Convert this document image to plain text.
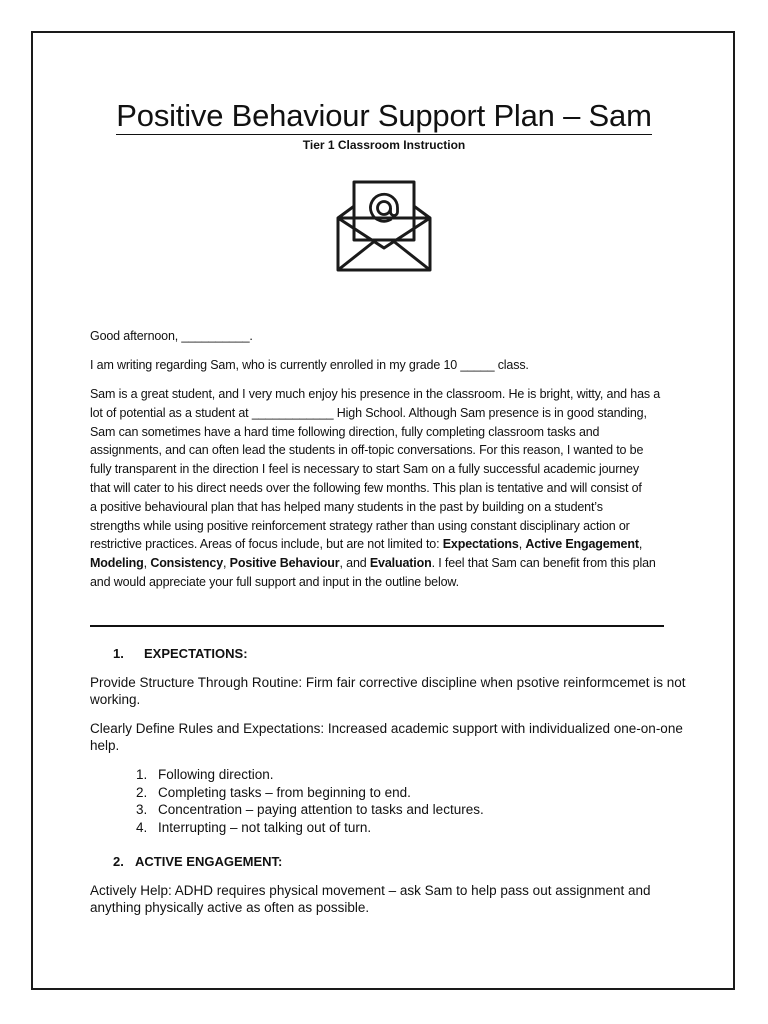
Positive Behaviour Support Plan – Sam
Tier 1 Classroom Instruction
Good afternoon, __________.
I am writing regarding Sam, who is currently enrolled in my grade 10 _____ class.

Sam is a great student, and I very much enjoy his presence in the classroom. He is bright, witty, and has a

lot of potential as a student at ____________ High School. Although Sam presence is in good standing,

Sam can sometimes have a hard time following direction, fully completing classroom tasks and

assignments, and can often lead the students in off-topic conversations. For this reason, I wanted to be

fully transparent in the direction I feel is necessary to start Sam on a fully successful academic journey

that will cater to his direct needs over the following few months. This plan is tentative and will consist of

a positive behavioural plan that has helped many students in the past by building on a student’s

strengths while using positive reinforcement strategy rather than using constant disciplinary action or

restrictive practices. Areas of focus include, but are not limited to: Expectations, Active Engagement,

Modeling, Consistency, Positive Behaviour, and Evaluation. I feel that Sam can benefit from this plan

and would appreciate your full support and input in the outline below.

1. EXPECTATIONS:
Provide Structure Through Routine: Firm fair corrective discipline when psotive reinformcemet is not working.
Clearly Define Rules and Expectations: Increased academic support with individualized one-on-one help.
1. Following direction.
2. Completing tasks – from beginning to end.
3. Concentration – paying attention to tasks and lectures.
4. Interrupting – not talking out of turn.
2. ACTIVE ENGAGEMENT:
Actively Help: ADHD requires physical movement – ask Sam to help pass out assignment and anything physically active as often as possible.
